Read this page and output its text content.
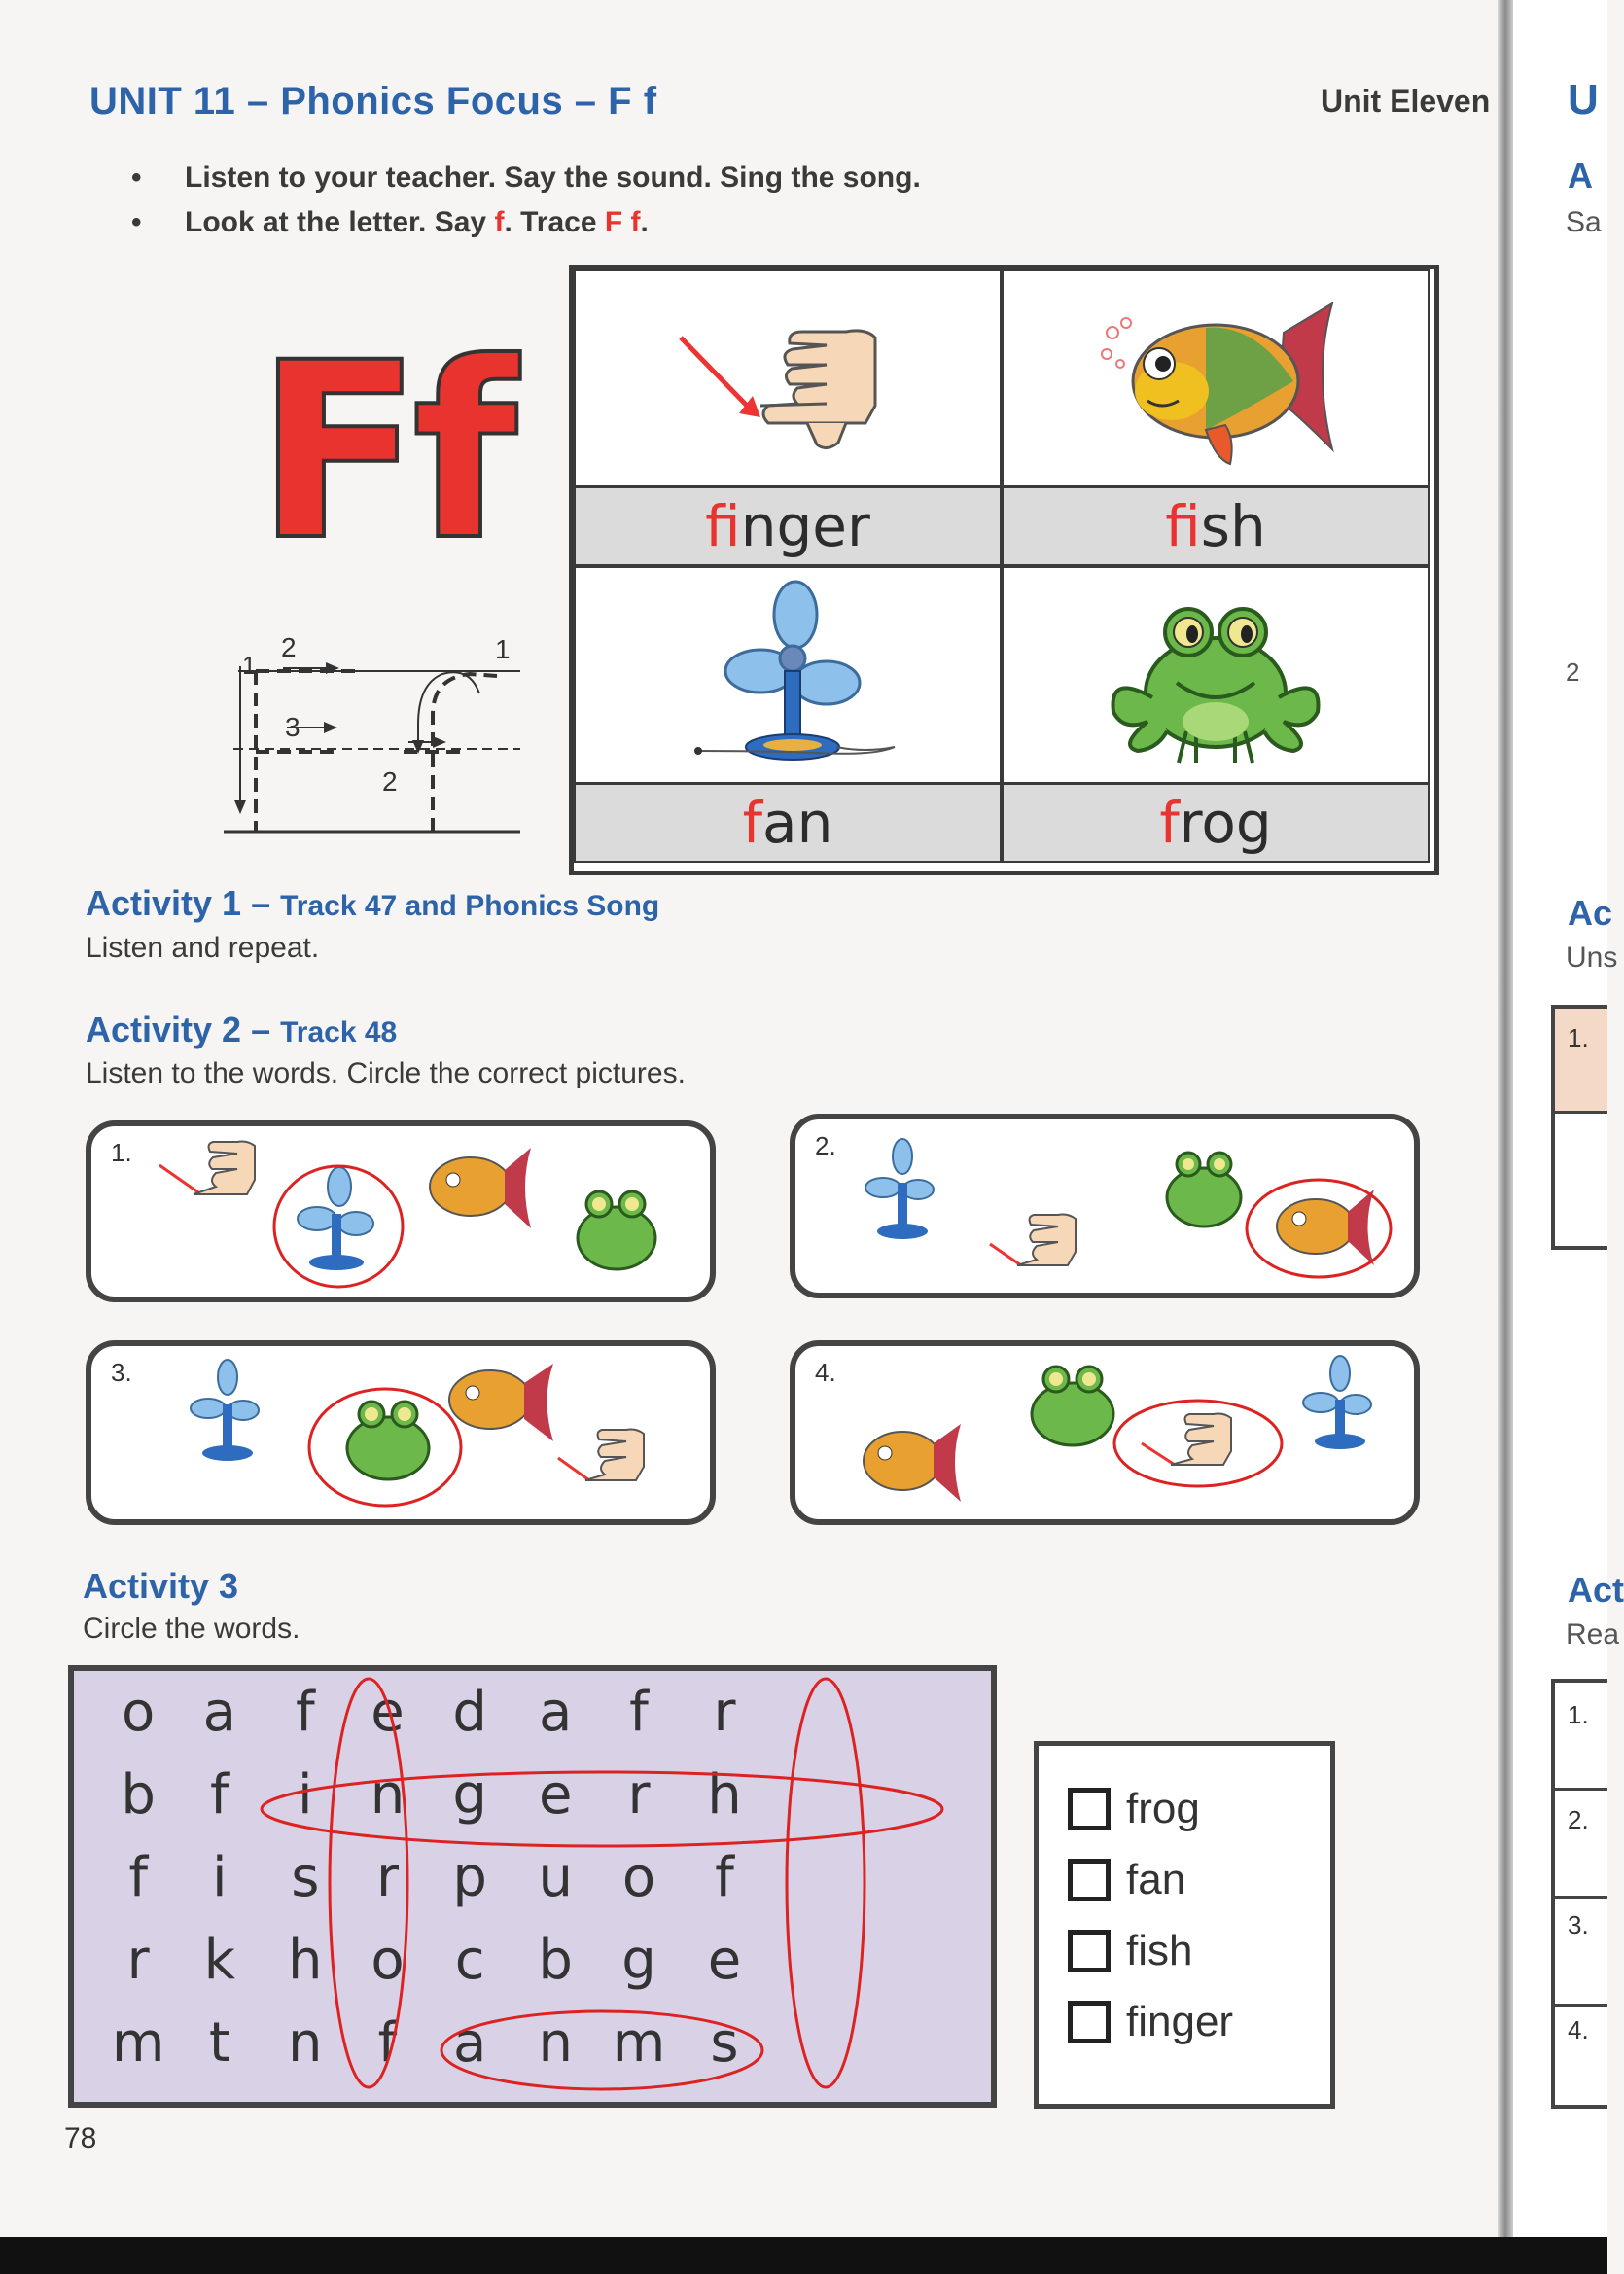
UNIT 11 – Phonics Focus – F f	Unit Eleven
• Listen to your teacher. Say the sound. Sing the song.
• Look at the letter. Say f. Trace F f.
Ff
1
2
3
2
1
finger	fish
fan	frog
Activity 1 – Track 47 and Phonics Song
Listen and repeat.
Activity 2 – Track 48
Listen to the words. Circle the correct pictures.
1.	2.
3.	4.
Activity 3
Circle the words.
o a	f	e d a	f	r
b f	i	n g e	r	h
f	i	s	r p u o	f
r k h o c b g e
m t	n	f	a n m s
frog
fan
fish
finger
78
U
A
Sa
2
Ac
Uns
1.
Act
Rea
1.
2.
3.
4.
